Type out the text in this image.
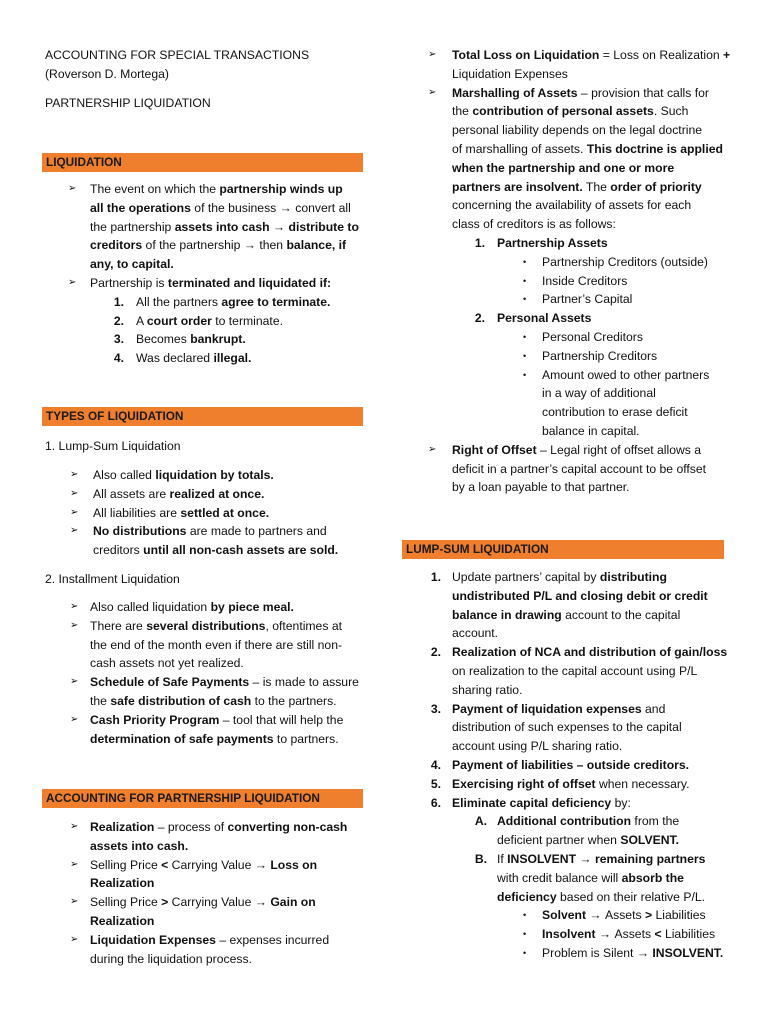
ACCOUNTING FOR SPECIAL TRANSACTIONS
(Roverson D. Mortega)
PARTNERSHIP LIQUIDATION
LIQUIDATION
➢ The event on which the partnership winds up
all the operations of the business → convert all
the partnership assets into cash → distribute to
creditors of the partnership → then balance, if
any, to capital.
➢ Partnership is terminated and liquidated if:
1. All the partners agree to terminate.
2. A court order to terminate.
3. Becomes bankrupt.
4. Was declared illegal.
TYPES OF LIQUIDATION
1. Lump-Sum Liquidation
➢ Also called liquidation by totals.
➢ All assets are realized at once.
➢ All liabilities are settled at once.
➢ No distributions are made to partners and
creditors until all non-cash assets are sold.
2. Installment Liquidation
➢ Also called liquidation by piece meal.
➢ There are several distributions, oftentimes at
the end of the month even if there are still non-
cash assets not yet realized.
➢ Schedule of Safe Payments – is made to assure
the safe distribution of cash to the partners.
➢ Cash Priority Program – tool that will help the
determination of safe payments to partners.
ACCOUNTING FOR PARTNERSHIP LIQUIDATION
➢ Realization – process of converting non-cash
assets into cash.
➢ Selling Price < Carrying Value → Loss on
Realization
➢ Selling Price > Carrying Value → Gain on
Realization
➢ Liquidation Expenses – expenses incurred
during the liquidation process.
➢ Total Loss on Liquidation = Loss on Realization +
Liquidation Expenses
➢ Marshalling of Assets – provision that calls for
the contribution of personal assets. Such
personal liability depends on the legal doctrine
of marshalling of assets. This doctrine is applied
when the partnership and one or more
partners are insolvent. The order of priority
concerning the availability of assets for each
class of creditors is as follows:
1. Partnership Assets
• Partnership Creditors (outside)
• Inside Creditors
• Partner’s Capital
2. Personal Assets
• Personal Creditors
• Partnership Creditors
• Amount owed to other partners
in a way of additional
contribution to erase deficit
balance in capital.
➢ Right of Offset – Legal right of offset allows a
deficit in a partner’s capital account to be offset
by a loan payable to that partner.
LUMP-SUM LIQUIDATION
1. Update partners’ capital by distributing
undistributed P/L and closing debit or credit
balance in drawing account to the capital
account.
2. Realization of NCA and distribution of gain/loss
on realization to the capital account using P/L
sharing ratio.
3. Payment of liquidation expenses and
distribution of such expenses to the capital
account using P/L sharing ratio.
4. Payment of liabilities – outside creditors.
5. Exercising right of offset when necessary.
6. Eliminate capital deficiency by:
A. Additional contribution from the
deficient partner when SOLVENT.
B. If INSOLVENT → remaining partners
with credit balance will absorb the
deficiency based on their relative P/L.
• Solvent → Assets > Liabilities
• Insolvent → Assets < Liabilities
• Problem is Silent → INSOLVENT.
